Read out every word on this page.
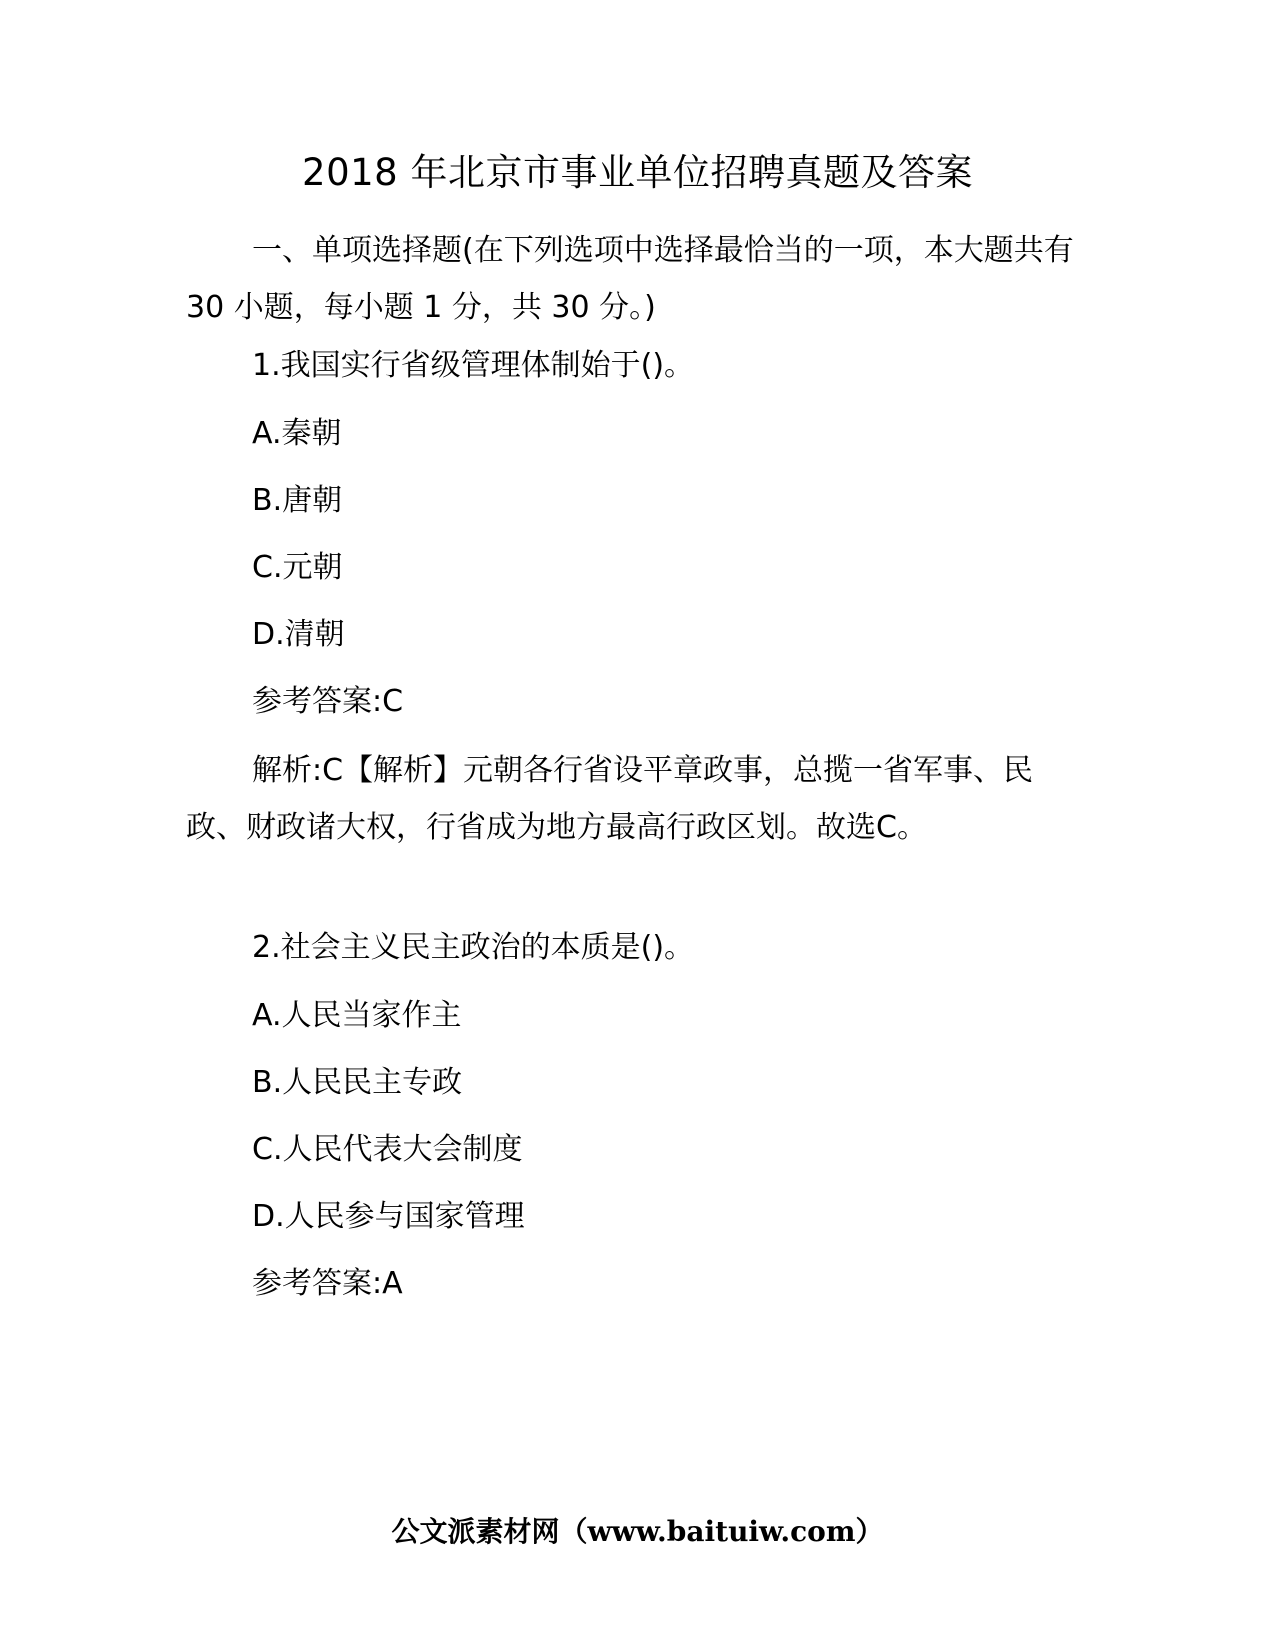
2018 年北京市事业单位招聘真题及答案

一、单项选择题(在下列选项中选择最恰当的一项，本大题共有 30 小题，每小题 1 分，共 30 分。)

1.我国实行省级管理体制始于()。

A.秦朝

B.唐朝

C.元朝

D.清朝

参考答案:C

解析:C【解析】元朝各行省设平章政事，总揽一省军事、民政、财政诸大权，行省成为地方最高行政区划。故选C。

2.社会主义民主政治的本质是()。

A.人民当家作主

B.人民民主专政

C.人民代表大会制度

D.人民参与国家管理

参考答案:A

公文派素材网（www.baituiw.com）
